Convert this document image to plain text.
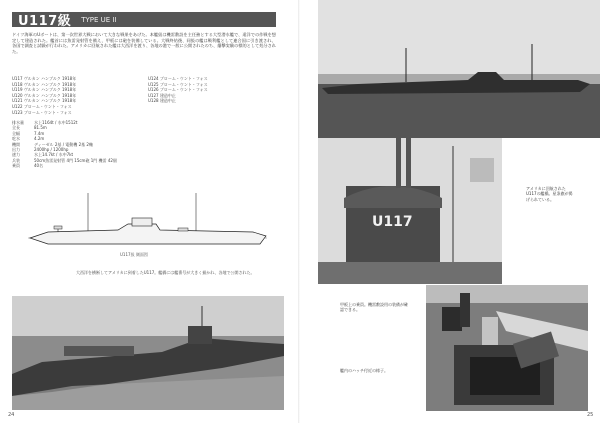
U117級 TYPE UE II
ドイツ海軍のUボートは、第一次世界大戦において大きな戦果をあげた。本艦級は機雷敷設を主任務とする大型潜水艦で、遠洋での作戦を想定して建造された。艦首には魚雷発射管を備え、甲板には砲を装備している。大戦終結後、同級の艦は戦利艦として連合国に引き渡され、各国で調査と試験が行われた。アメリカに回航された艦は大西洋を渡り、各地の港で一般に公開されたのち、爆撃実験の標的として処分された。
U117 ヴルカン ハンブルク 1918年
U118 ヴルカン ハンブルク 1918年
U119 ヴルカン ハンブルク 1918年
U120 ヴルカン ハンブルク 1918年
U121 ヴルカン ハンブルク 1918年
U122 ブローム・ウント・フォス
U123 ブローム・ウント・フォス
U124 ブローム・ウント・フォス
U125 ブローム・ウント・フォス
U126 ブローム・ウント・フォス
U127 建造中止
U128 建造中止
排水量	水上1164t / 水中1512t
全長	81.5m
全幅	7.4m
吃水	4.2m
機関	ディーゼル 2基 / 電動機 2基 2軸
出力	2400hp / 1200hp
速力	水上14.7kt / 水中7kt
兵装	50cm魚雷発射管 4門 15cm砲 1門 機雷 42個
乗員	40名
U117級 側面図
大西洋を横断してアメリカに到着したU117。艦橋には艦番号が大きく描かれ、各地で公開された。
24
U117
アメリカに回航されたU117の艦橋。星条旗が掲げられている。
甲板上の乗員。機雷敷設用の装備が確認できる。
艦内のハッチ付近の様子。
25
